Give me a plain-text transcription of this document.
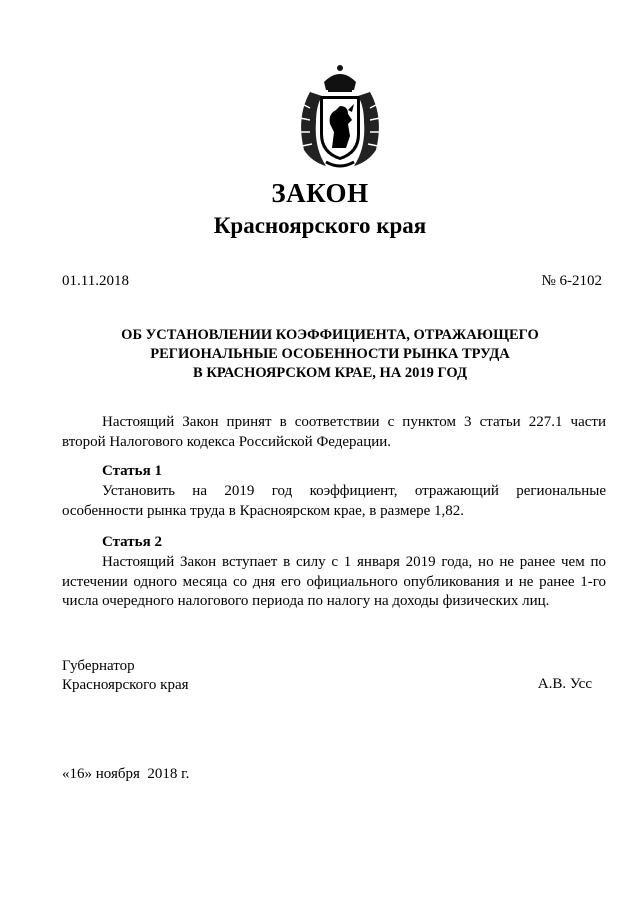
ЗАКОН
Красноярского края
01.11.2018	№ 6-2102
ОБ УСТАНОВЛЕНИИ КОЭФФИЦИЕНТА, ОТРАЖАЮЩЕГО
РЕГИОНАЛЬНЫЕ ОСОБЕННОСТИ РЫНКА ТРУДА
В КРАСНОЯРСКОМ КРАЕ, НА 2019 ГОД
Настоящий Закон принят в соответствии с пунктом 3 статьи 227.1 части второй Налогового кодекса Российской Федерации.
Статья 1
Установить на 2019 год коэффициент, отражающий региональные особенности рынка труда в Красноярском крае, в размере 1,82.
Статья 2
Настоящий Закон вступает в силу с 1 января 2019 года, но не ранее чем по истечении одного месяца со дня его официального опубликования и не ранее 1-го числа очередного налогового периода по налогу на доходы физических лиц.
Губернатор
Красноярского края	А.В. Усс
«16» ноября  2018 г.
